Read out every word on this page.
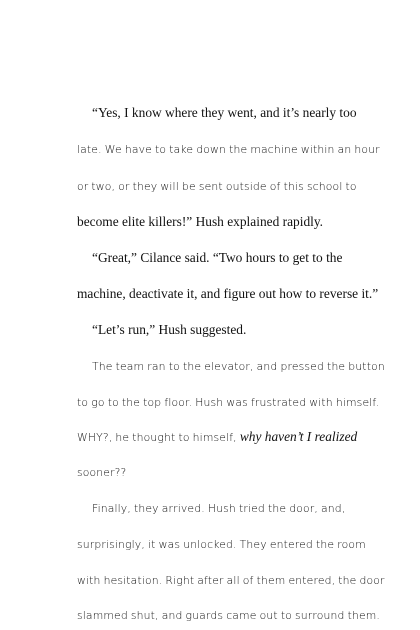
“Yes, I know where they went, and it’s nearly too

late. We have to take down the machine within an hour

or two, or they will be sent outside of this school to

become elite killers!” Hush explained rapidly.

“Great,” Cilance said. “Two hours to get to the

machine, deactivate it, and figure out how to reverse it.”

“Let’s run,” Hush suggested.

The team ran to the elevator, and pressed the button

to go to the top floor. Hush was frustrated with himself.

WHY?, he thought to himself, why haven’t I realized

sooner??

Finally, they arrived. Hush tried the door, and,

surprisingly, it was unlocked. They entered the room

with hesitation. Right after all of them entered, the door

slammed shut, and guards came out to surround them.
